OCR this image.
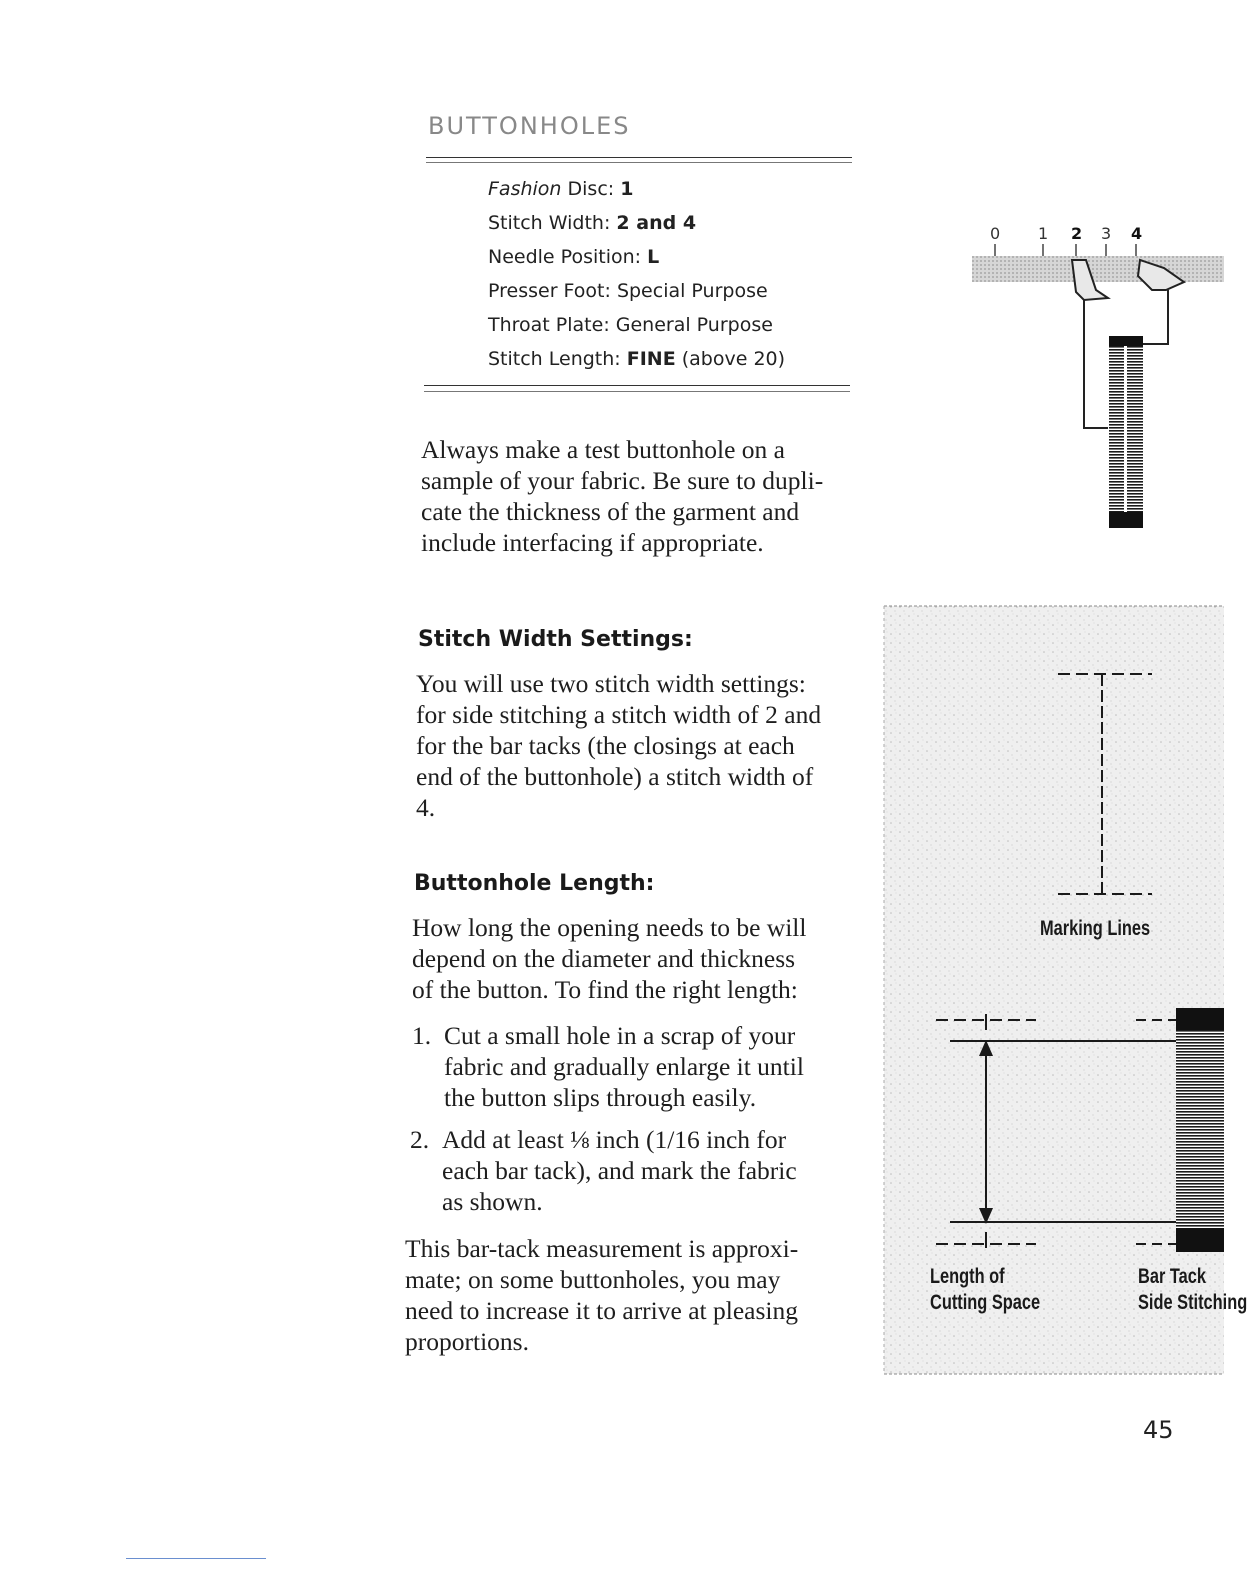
BUTTONHOLES
Fashion Disc: 1
Stitch Width: 2 and 4
Needle Position: L
Presser Foot: Special Purpose
Throat Plate: General Purpose
Stitch Length: FINE (above 20)
Always make a test buttonhole on a
sample of your fabric. Be sure to dupli-
cate the thickness of the garment and
include interfacing if appropriate.
Stitch Width Settings:
You will use two stitch width settings:
for side stitching a stitch width of 2 and
for the bar tacks (the closings at each
end of the buttonhole) a stitch width of
4.
Buttonhole Length:
How long the opening needs to be will
depend on the diameter and thickness
of the button. To find the right length:
1. Cut a small hole in a scrap of your
fabric and gradually enlarge it until
the button slips through easily.
2. Add at least ⅛ inch (1/16 inch for
each bar tack), and mark the fabric
as shown.
This bar-tack measurement is approxi-
mate; on some buttonholes, you may
need to increase it to arrive at pleasing
proportions.
0 1 2 3 4
Marking Lines
Length of
Cutting Space
Bar Tack
Side Stitching
45
